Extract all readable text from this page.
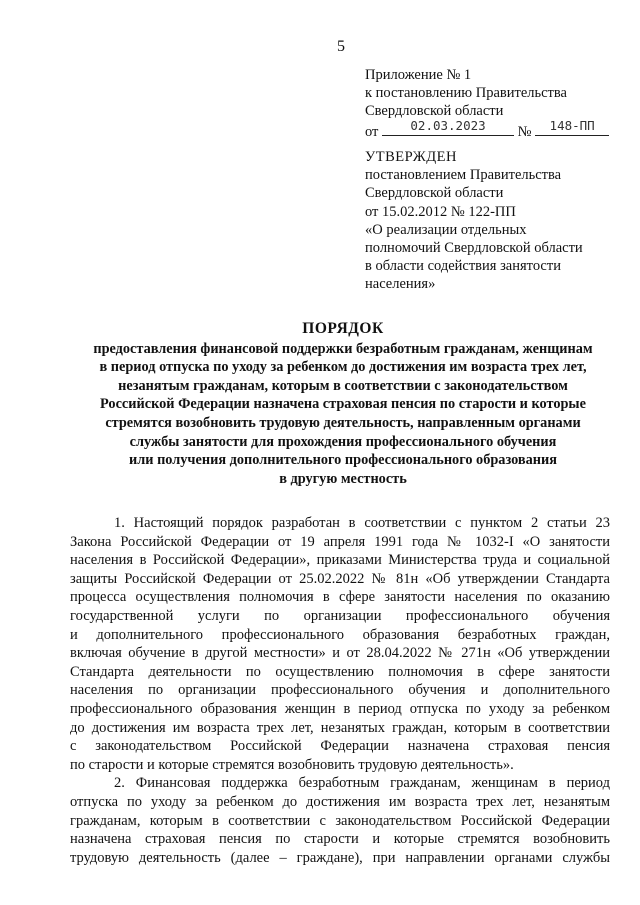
5
Приложение № 1
к постановлению Правительства
Свердловской области
от	02.03.2023	№	148-ПП
УТВЕРЖДЕН
постановлением Правительства
Свердловской области
от 15.02.2012 № 122-ПП
«О реализации отдельных
полномочий Свердловской области
в области содействия занятости
населения»
ПОРЯДОК
предоставления финансовой поддержки безработным гражданам, женщинам
в период отпуска по уходу за ребенком до достижения им возраста трех лет,
незанятым гражданам, которым в соответствии с законодательством
Российской Федерации назначена страховая пенсия по старости и которые
стремятся возобновить трудовую деятельность, направленным органами
службы занятости для прохождения профессионального обучения
или получения дополнительного профессионального образования
в другую местность
1. Настоящий порядок разработан в соответствии с пунктом 2 статьи 23
Закона Российской Федерации от 19 апреля 1991 года № 1032-I «О занятости
населения в Российской Федерации», приказами Министерства труда и социальной
защиты Российской Федерации от 25.02.2022 № 81н «Об утверждении Стандарта
процесса осуществления полномочия в сфере занятости населения по оказанию
государственной услуги по организации профессионального обучения
и дополнительного профессионального образования безработных граждан,
включая обучение в другой местности» и от 28.04.2022 № 271н «Об утверждении
Стандарта деятельности по осуществлению полномочия в сфере занятости
населения по организации профессионального обучения и дополнительного
профессионального образования женщин в период отпуска по уходу за ребенком
до достижения им возраста трех лет, незанятых граждан, которым в соответствии
с законодательством Российской Федерации назначена страховая пенсия
по старости и которые стремятся возобновить трудовую деятельность».
2. Финансовая поддержка безработным гражданам, женщинам в период
отпуска по уходу за ребенком до достижения им возраста трех лет, незанятым
гражданам, которым в соответствии с законодательством Российской Федерации
назначена страховая пенсия по старости и которые стремятся возобновить
трудовую деятельность (далее – граждане), при направлении органами службы
